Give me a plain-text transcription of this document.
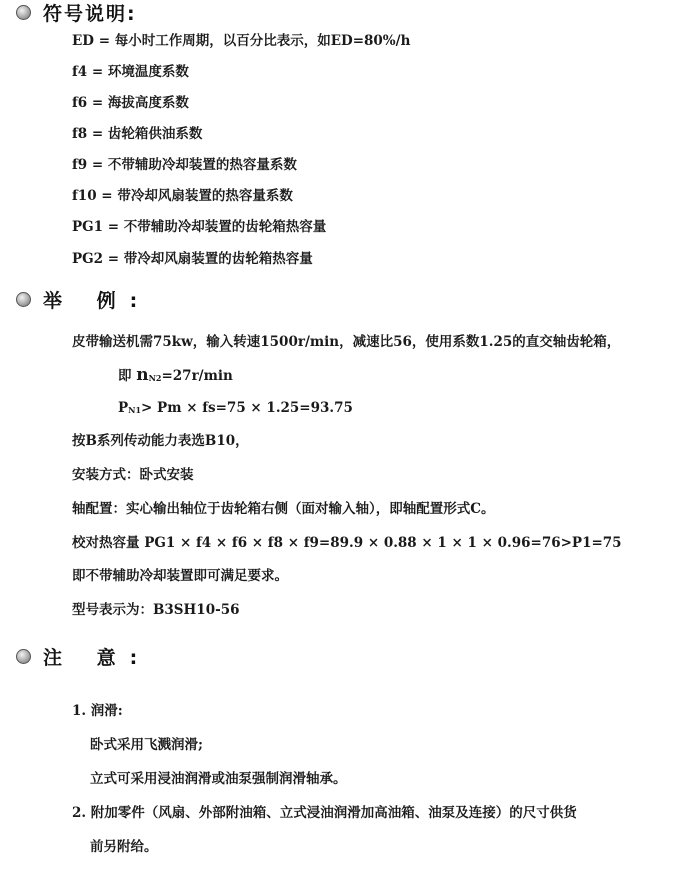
符号说明:
ED = 每小时工作周期，以百分比表示，如ED=80%/h
f4 = 环境温度系数
f6 = 海拔高度系数
f8 = 齿轮箱供油系数
f9 = 不带辅助冷却装置的热容量系数
f10 = 带冷却风扇装置的热容量系数
PG1 = 不带辅助冷却装置的齿轮箱热容量
PG2 = 带冷却风扇装置的齿轮箱热容量
举 例:
皮带输送机需75kw，输入转速1500r/min，减速比56，使用系数1.25的直交轴齿轮箱，
即 nN2=27r/min
PN1> Pm × fs=75 × 1.25=93.75
按B系列传动能力表选B10，
安装方式：卧式安装
轴配置：实心输出轴位于齿轮箱右侧（面对输入轴），即轴配置形式C。
校对热容量 PG1 × f4 × f6 × f8 × f9=89.9 × 0.88 × 1 × 1 × 0.96=76>P1=75
即不带辅助冷却装置即可满足要求。
型号表示为：B3SH10-56
注 意:
1. 润滑:
卧式采用飞溅润滑;
立式可采用浸油润滑或油泵强制润滑轴承。
2. 附加零件（风扇、外部附油箱、立式浸油润滑加高油箱、油泵及连接）的尺寸供货
前另附给。
